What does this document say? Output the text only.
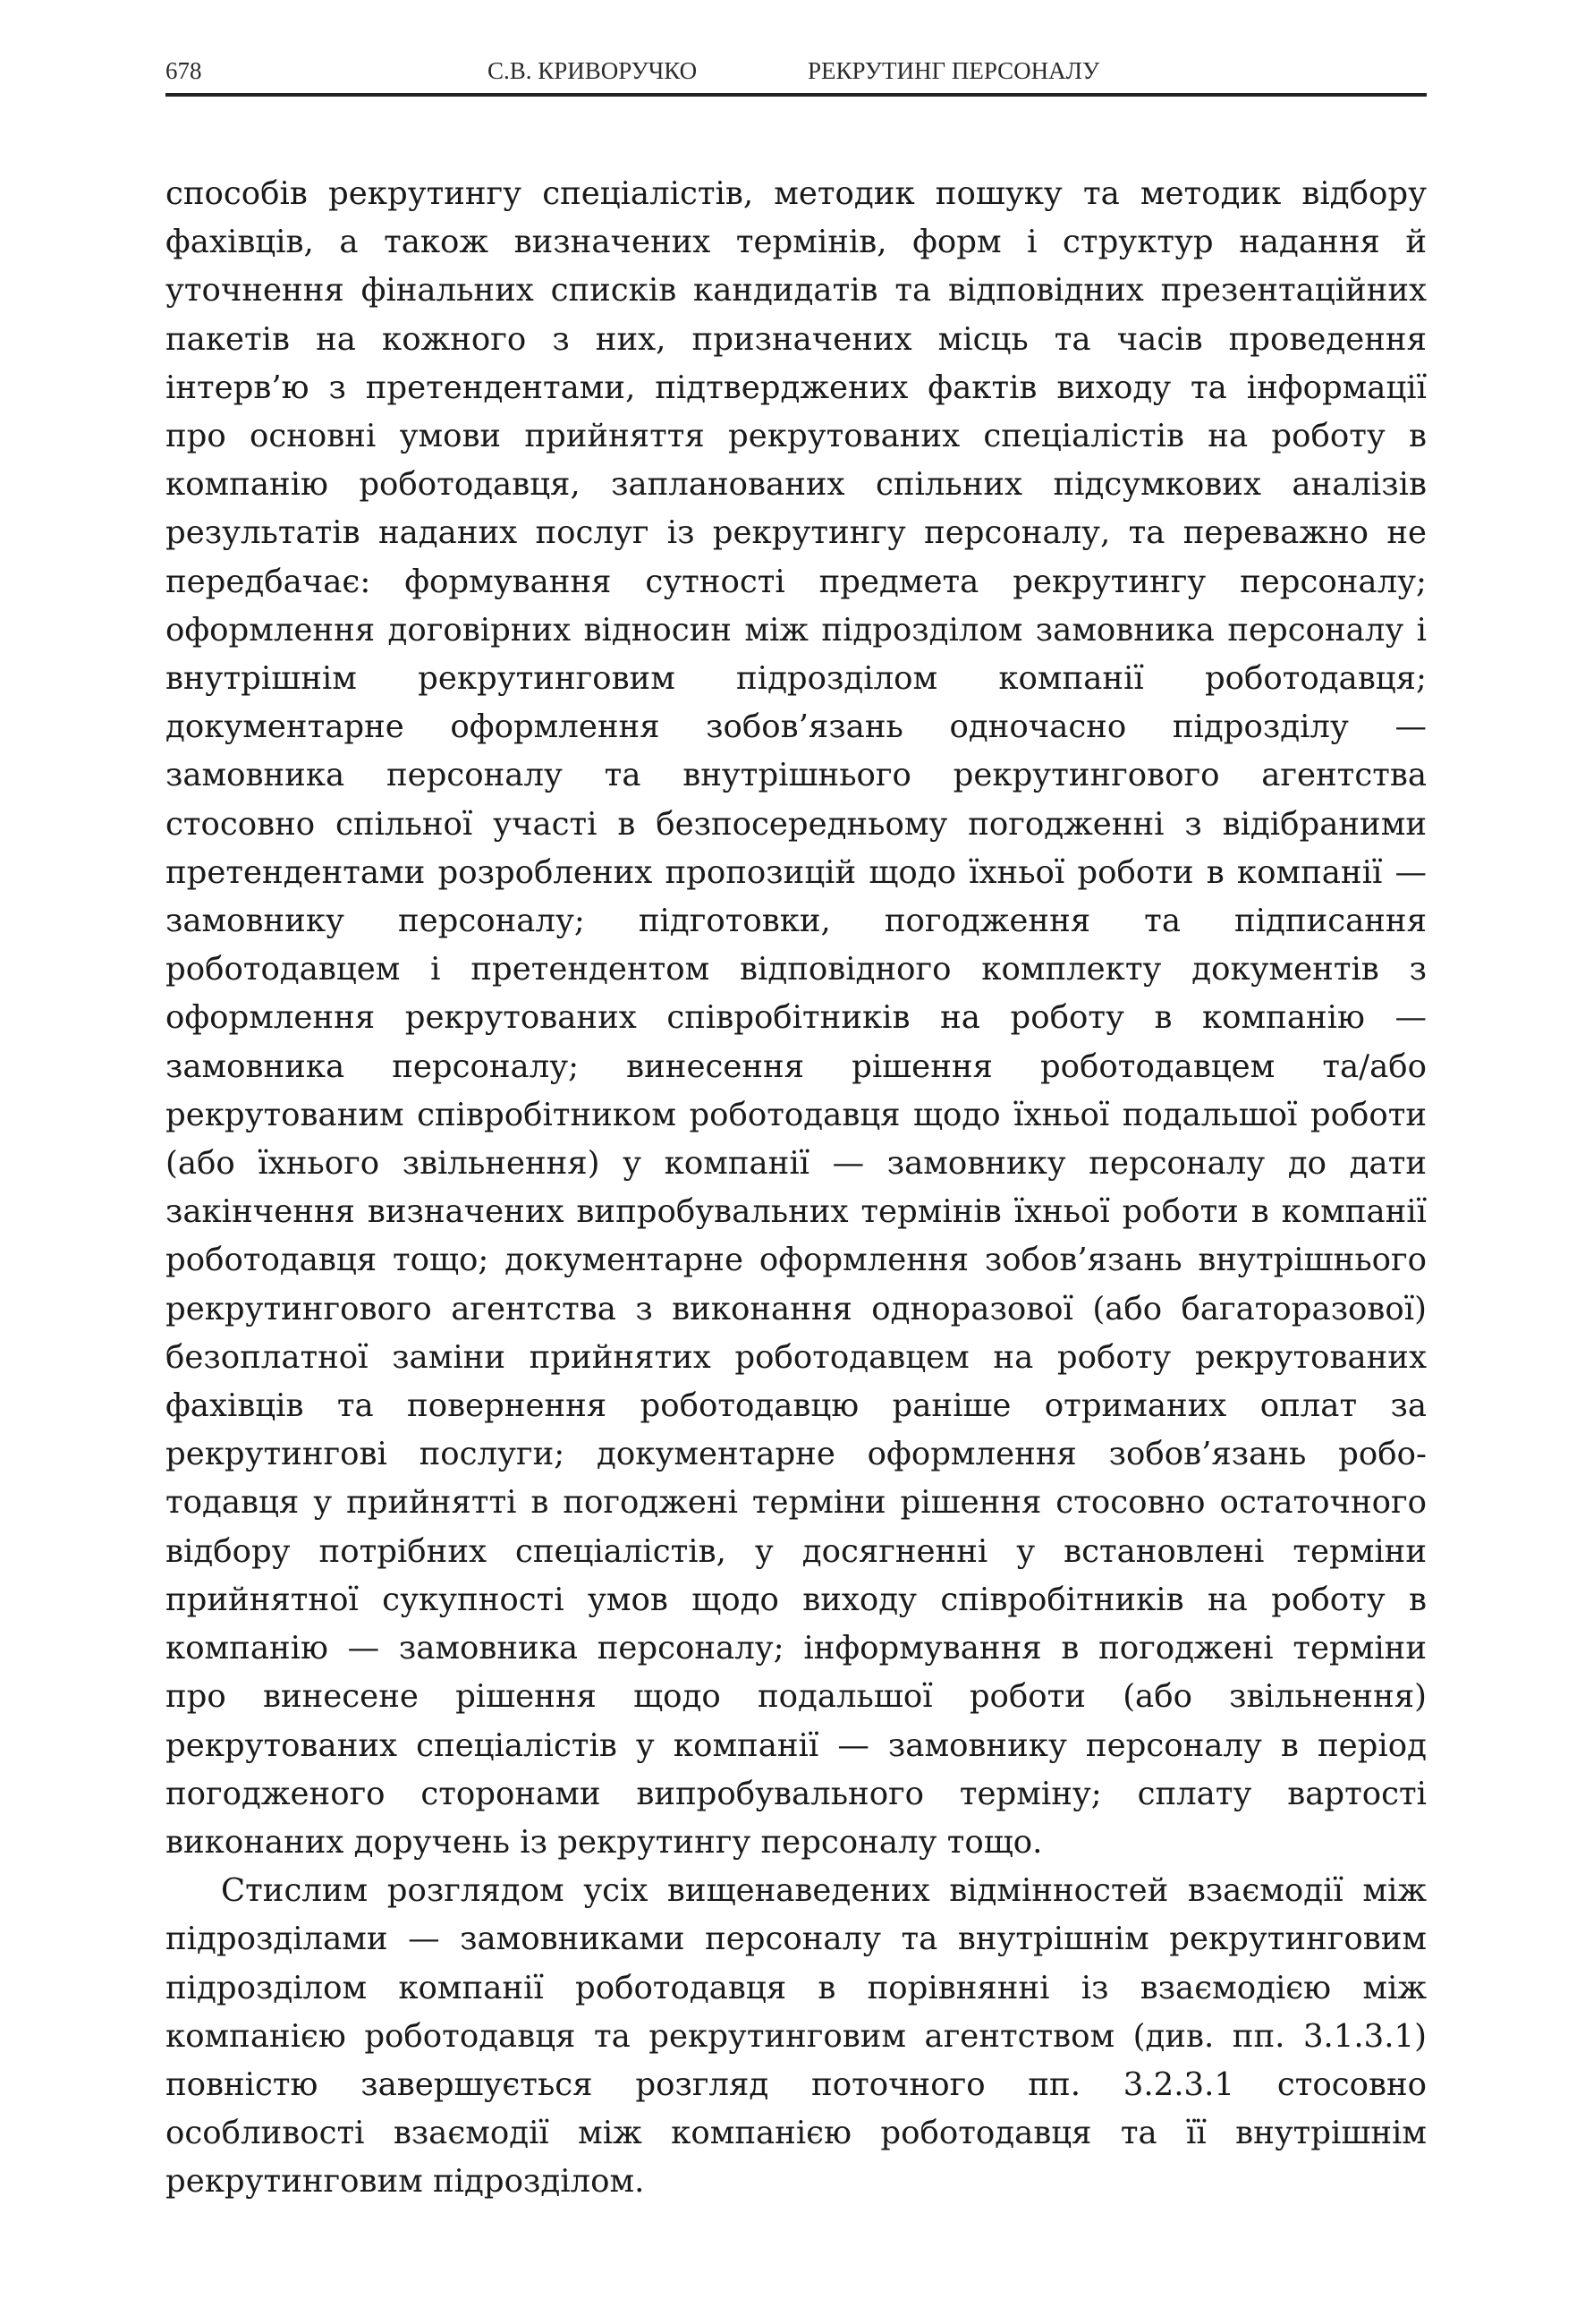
678	С.В. КРИВОРУЧКО	РЕКРУТИНГ ПЕРСОНАЛУ

способів рекрутингу спеціалістів, методик пошуку та методик відбору фахівців, а також визначених термінів, форм і структур надання й уточнення фінальних списків кандидатів та відповідних презентаційних пакетів на кожного з них, призначених місць та часів проведення інтерв’ю з претендентами, підтверджених фактів виходу та інформації про основні умови прийняття рекрутованих спеціалістів на роботу в компанію роботодавця, запланованих спільних підсумкових аналізів результатів наданих послуг із рекрутингу персоналу, та переважно не передбачає: формування сутності предмета рекрутингу персоналу; оформлення договірних відносин між підрозділом замовника персоналу і внутрішнім рекрутинговим підрозділом компанії роботодавця; документарне оформлення зобов’язань одночасно підрозділу — замовника персоналу та внутрішнього рекрутингового агентства стосовно спільної участі в безпосередньому погодженні з відібраними претендентами розроблених пропозицій щодо їхньої роботи в компанії — замовнику персоналу; підготовки, погодження та підписання роботодавцем і претендентом відповідного комплекту документів з оформлення рекрутованих співробітників на роботу в компанію — замовника персоналу; винесення рішення роботодавцем та/або рекрутованим співробітником роботодавця щодо їхньої подальшої роботи (або їхнього звільнення) у компанії — замовнику персоналу до дати закінчення визначених випробувальних термінів їхньої роботи в компанії роботодавця тощо; документарне оформлення зобов’язань внутрішнього рекрутингового агентства з виконання одноразової (або багаторазової) безоплатної заміни прийнятих роботодавцем на роботу рекрутованих фахівців та повернення роботодавцю раніше отриманих оплат за рекрутингові послуги; документарне оформлення зобов’язань роботодавця у прийнятті в погоджені терміни рішення стосовно остаточного відбору потрібних спеціалістів, у досягненні у встановлені терміни прийнятної сукупності умов щодо виходу співробітників на роботу в компанію — замовника персоналу; інформування в погоджені терміни про винесене рішення щодо подальшої роботи (або звільнення) рекрутованих спеціалістів у компанії — замовнику персоналу в період погодженого сторонами випробувального терміну; сплату вартості виконаних доручень із рекрутингу персоналу тощо.

Стислим розглядом усіх вищенаведених відмінностей взаємодії між підрозділами — замовниками персоналу та внутрішнім рекрутинговим підрозділом компанії роботодавця в порівнянні із взаємодією між компанією роботодавця та рекрутинговим агентством (див. пп. 3.1.3.1) повністю завершується розгляд поточного пп. 3.2.3.1 стосовно особливості взаємодії між компанією роботодавця та її внутрішнім рекрутинговим підрозділом.
